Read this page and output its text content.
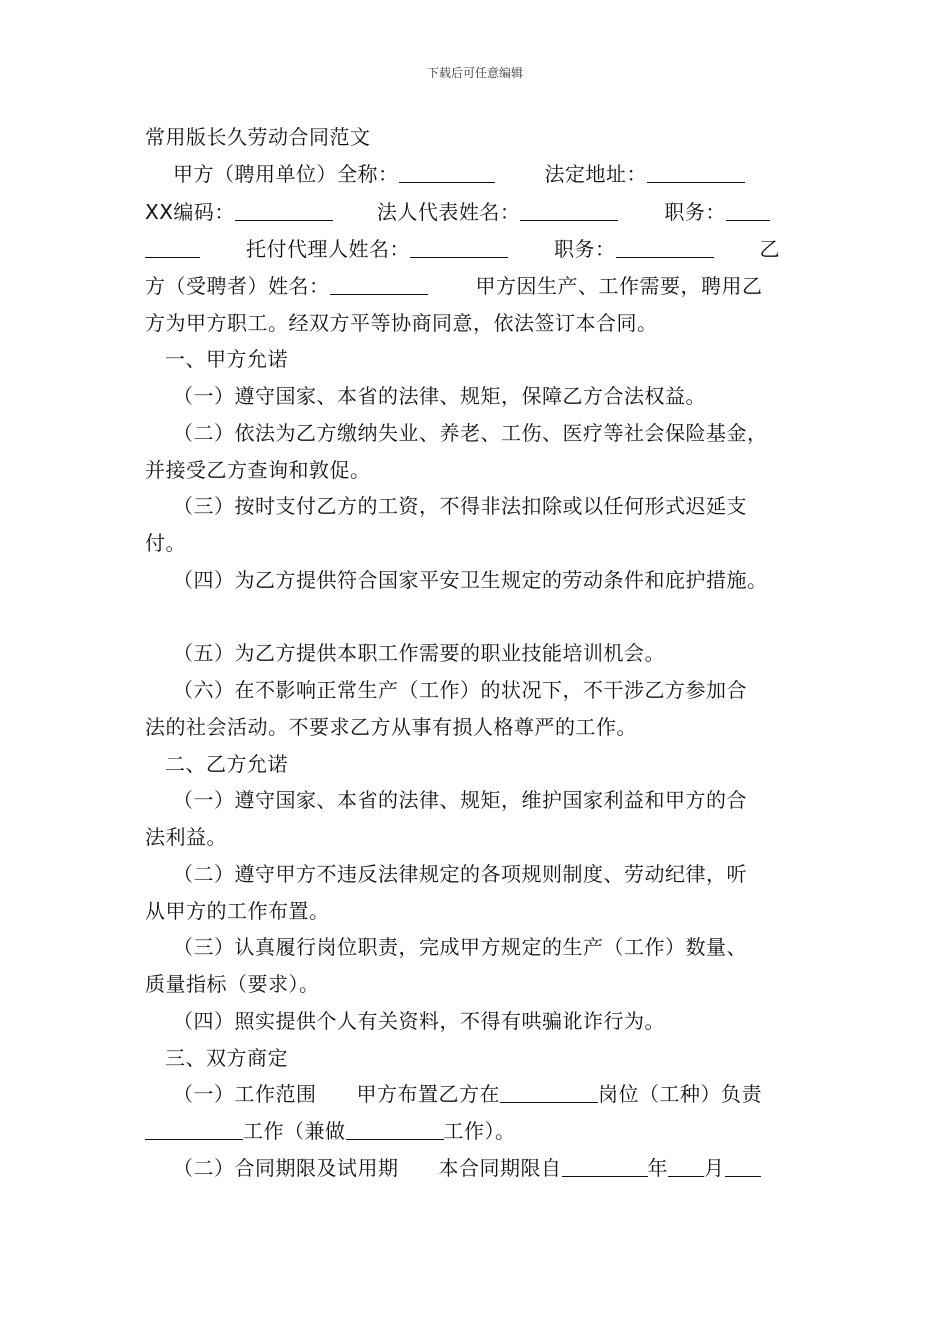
下载后可任意编辑
常用版长久劳动合同范文
甲方（聘用单位）全称：	法定地址：
XX编码：	法人代表姓名：	职务：
托付代理人姓名：	职务：	乙
方（受聘者）姓名：	甲方因生产、工作需要，聘用乙
方为甲方职工。经双方平等协商同意，依法签订本合同。
一、甲方允诺
（一）遵守国家、本省的法律、规矩，保障乙方合法权益。
（二）依法为乙方缴纳失业、养老、工伤、医疗等社会保险基金，
并接受乙方查询和敦促。
（三）按时支付乙方的工资，不得非法扣除或以任何形式迟延支
付。
（四）为乙方提供符合国家平安卫生规定的劳动条件和庇护措施。
（五）为乙方提供本职工作需要的职业技能培训机会。
（六）在不影响正常生产（工作）的状况下，不干涉乙方参加合
法的社会活动。不要求乙方从事有损人格尊严的工作。
二、乙方允诺
（一）遵守国家、本省的法律、规矩，维护国家利益和甲方的合
法利益。
（二）遵守甲方不违反法律规定的各项规则制度、劳动纪律，听
从甲方的工作布置。
（三）认真履行岗位职责，完成甲方规定的生产（工作）数量、
质量指标（要求）。
（四）照实提供个人有关资料，不得有哄骗讹诈行为。
三、双方商定
（一）工作范围 甲方布置乙方在	岗位（工种）负责
工作（兼做	工作）。
（二）合同期限及试用期 本合同期限自	年 月
